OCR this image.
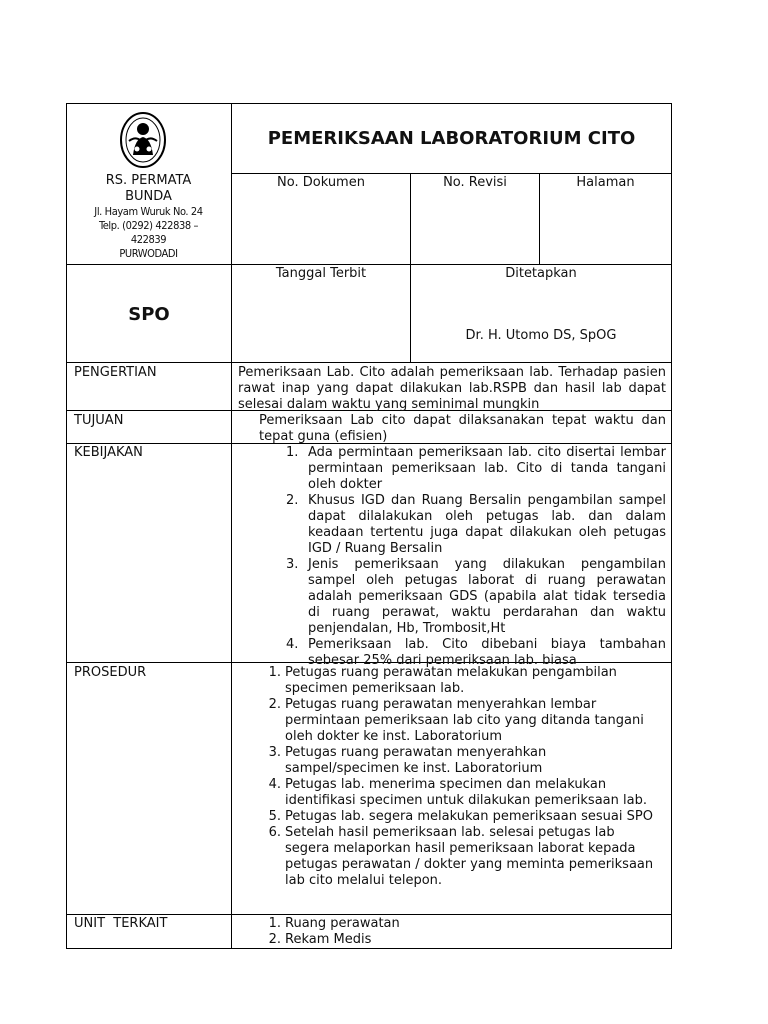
RS. PERMATA BUNDA
Jl. Hayam Wuruk No. 24
Telp. (0292) 422838 –
422839
PURWODADI
PEMERIKSAAN LABORATORIUM CITO
No. Dokumen	No. Revisi	Halaman
SPO
Tanggal Terbit	Ditetapkan
Dr. H. Utomo DS, SpOG
PENGERTIAN	Pemeriksaan Lab. Cito adalah pemeriksaan lab. Terhadap pasien rawat inap yang dapat dilakukan lab.RSPB dan hasil lab dapat selesai dalam waktu yang seminimal mungkin
TUJUAN	Pemeriksaan Lab cito dapat dilaksanakan tepat waktu dan tepat guna (efisien)
KEBIJAKAN	1. Ada permintaan pemeriksaan lab. cito disertai lembar permintaan pemeriksaan lab. Cito di tanda tangani oleh dokter
2. Khusus IGD dan Ruang Bersalin pengambilan sampel dapat dilalakukan oleh petugas lab. dan dalam keadaan tertentu juga dapat dilakukan oleh petugas IGD / Ruang Bersalin
3. Jenis pemeriksaan yang dilakukan pengambilan sampel oleh petugas laborat di ruang perawatan adalah pemeriksaan GDS (apabila alat tidak tersedia di ruang perawat, waktu perdarahan dan waktu penjendalan, Hb, Trombosit,Ht
4. Pemeriksaan lab. Cito dibebani biaya tambahan sebesar 25% dari pemeriksaan lab. biasa
PROSEDUR	1. Petugas ruang perawatan melakukan pengambilan specimen pemeriksaan lab.
2. Petugas ruang perawatan menyerahkan lembar permintaan pemeriksaan lab cito yang ditanda tangani oleh dokter ke inst. Laboratorium
3. Petugas ruang perawatan menyerahkan sampel/specimen ke inst. Laboratorium
4. Petugas lab. menerima specimen dan melakukan identifikasi specimen untuk dilakukan pemeriksaan lab.
5. Petugas lab. segera melakukan pemeriksaan sesuai SPO
6. Setelah hasil pemeriksaan lab. selesai petugas lab segera melaporkan hasil pemeriksaan laborat kepada petugas perawatan / dokter yang meminta pemeriksaan lab cito melalui telepon.
UNIT  TERKAIT	1. Ruang perawatan
2. Rekam Medis
